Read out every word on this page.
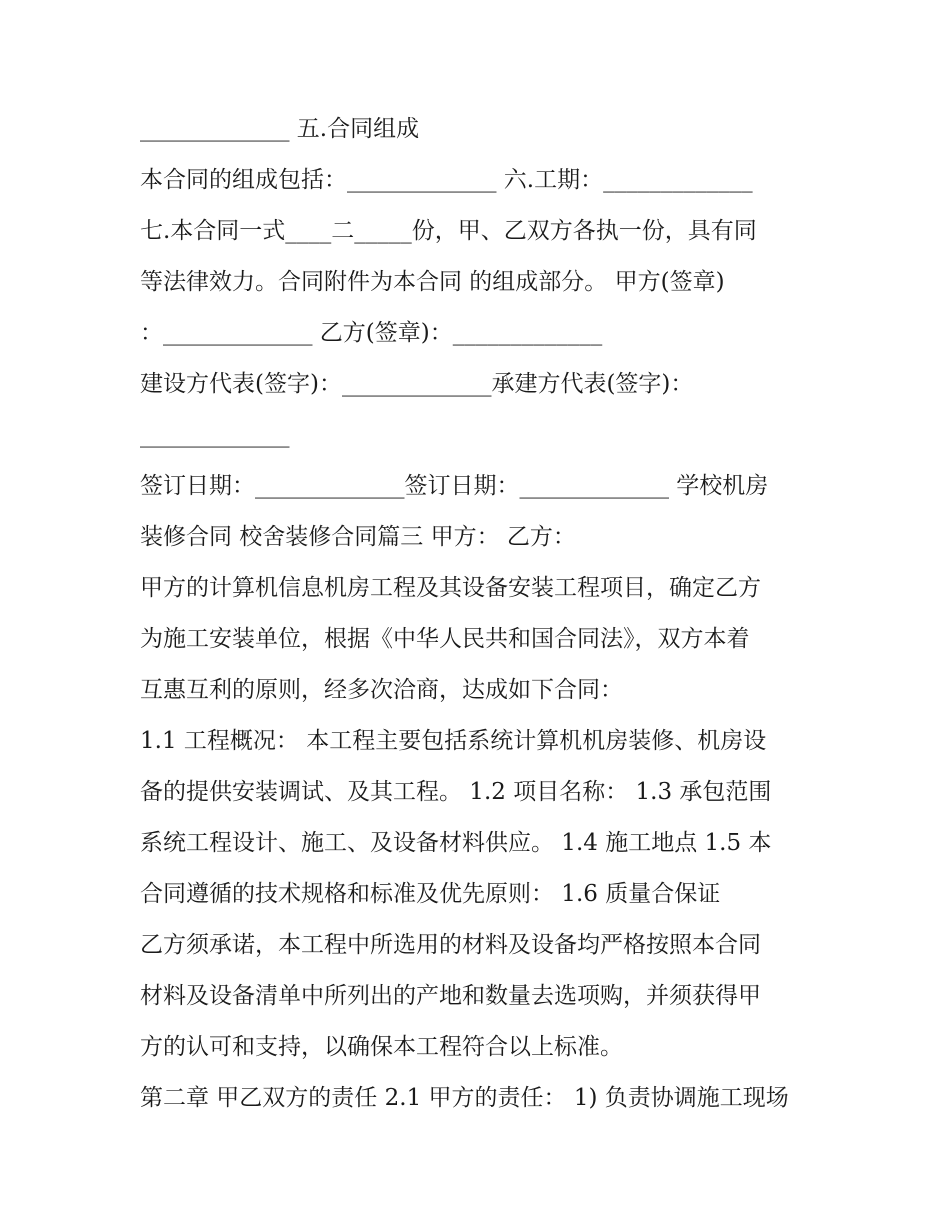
_____________ 五.合同组成
本合同的组成包括：_____________ 六.工期：_____________
七.本合同一式____二_____份，甲、乙双方各执一份，具有同
等法律效力。合同附件为本合同 的组成部分。 甲方(签章)
：_____________ 乙方(签章)：_____________
建设方代表(签字)：_____________承建方代表(签字)：
_____________
签订日期：_____________签订日期：_____________ 学校机房
装修合同 校舍装修合同篇三 甲方： 乙方：
甲方的计算机信息机房工程及其设备安装工程项目，确定乙方
为施工安装单位，根据《中华人民共和国合同法》，双方本着
互惠互利的原则，经多次洽商，达成如下合同：
1.1 工程概况： 本工程主要包括系统计算机机房装修、机房设
备的提供安装调试、及其工程。 1.2 项目名称： 1.3 承包范围
系统工程设计、施工、及设备材料供应。 1.4 施工地点 1.5 本
合同遵循的技术规格和标准及优先原则： 1.6 质量合保证
乙方须承诺，本工程中所选用的材料及设备均严格按照本合同
材料及设备清单中所列出的产地和数量去选项购，并须获得甲
方的认可和支持，以确保本工程符合以上标准。
第二章 甲乙双方的责任 2.1 甲方的责任： 1) 负责协调施工现场
